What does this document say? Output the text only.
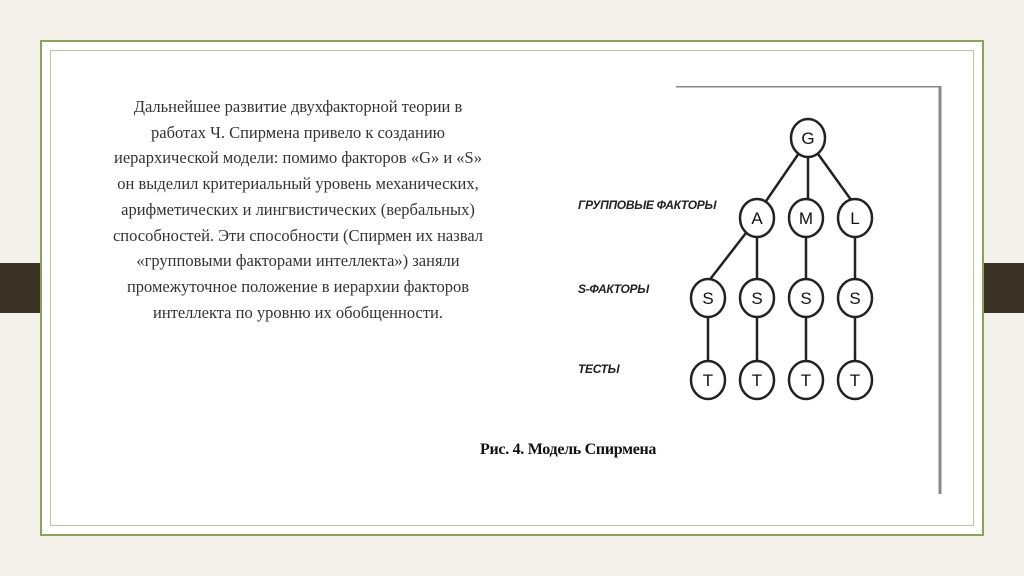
Дальнейшее развитие двухфакторной теории в работах Ч. Спирмена привело к созданию иерархической модели: помимо факторов «G» и «S» он выделил критериальный уровень механических, арифметических и лингвистических (вербальных) способностей. Эти способности (Спирмен их назвал «групповыми факторами интеллекта») заняли промежуточное положение в иерархии факторов интеллекта по уровню их обобщенности.
G
A M L
S S S S
T T T T
ГРУППОВЫЕ ФАКТОРЫ
S-ФАКТОРЫ
ТЕСТЫ
Рис. 4. Модель Спирмена
